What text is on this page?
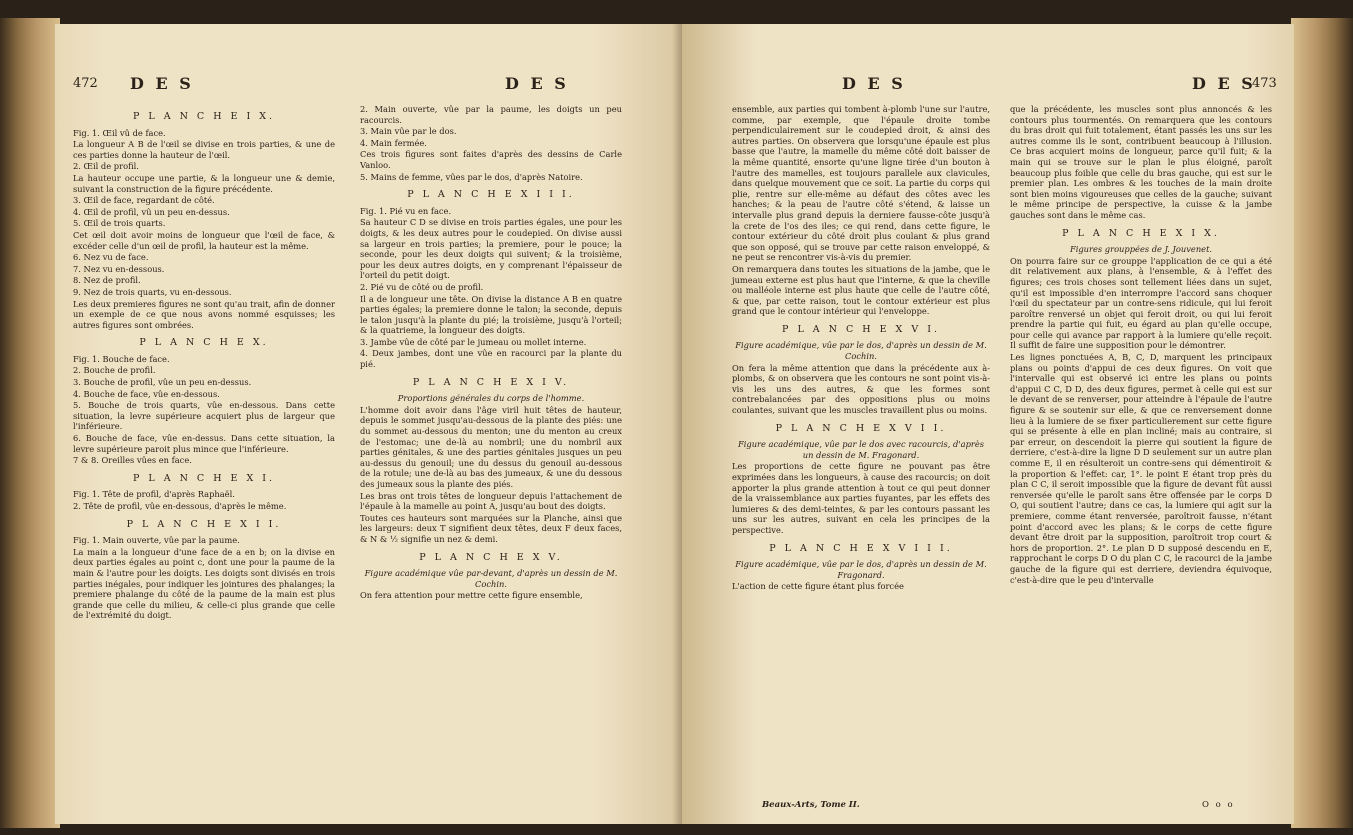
472 D E S	D E S
P L A N C H E I X.

Fig. 1. Œil vû de face.

La longueur A B de l'œil se divise en trois parties, & une de ces parties donne la hauteur de l'œil.

2. Œil de profil.

La hauteur occupe une partie, & la longueur une & demie, suivant la construction de la figure précédente.

3. Œil de face, regardant de côté.

4. Œil de profil, vû un peu en-dessus.

5. Œil de trois quarts.

Cet œil doit avoir moins de longueur que l'œil de face, & excéder celle d'un œil de profil, la hauteur est la même.

6. Nez vu de face.

7. Nez vu en-dessous.

8. Nez de profil.

9. Nez de trois quarts, vu en-dessous.

Les deux premieres figures ne sont qu'au trait, afin de donner un exemple de ce que nous avons nommé esquisses; les autres figures sont ombrées.

P L A N C H E X.

Fig. 1. Bouche de face.

2. Bouche de profil.

3. Bouche de profil, vûe un peu en-dessus.

4. Bouche de face, vûe en-dessous.

5. Bouche de trois quarts, vûe en-dessous. Dans cette situation, la levre supérieure acquiert plus de largeur que l'inférieure.

6. Bouche de face, vûe en-dessus. Dans cette situation, la levre supérieure paroit plus mince que l'inférieure.

7 & 8. Oreilles vûes en face.

P L A N C H E X I.

Fig. 1. Tête de profil, d'après Raphaël.

2. Tête de profil, vûe en-dessous, d'après le même.

P L A N C H E X I I.

Fig. 1. Main ouverte, vûe par la paume.

La main a la longueur d'une face de a en b; on la divise en deux parties égales au point c, dont une pour la paume de la main & l'autre pour les doigts. Les doigts sont divisés en trois parties inégales, pour indiquer les jointures des phalanges; la premiere phalange du côté de la paume de la main est plus grande que celle du milieu, & celle-ci plus grande que celle de l'extrémité du doigt.

2. Main ouverte, vûe par la paume, les doigts un peu racourcis.

3. Main vûe par le dos.

4. Main fermée.

Ces trois figures sont faites d'après des dessins de Carle Vanloo.

5. Mains de femme, vûes par le dos, d'après Natoire.

P L A N C H E X I I I.

Fig. 1. Pié vu en face.

Sa hauteur C D se divise en trois parties égales, une pour les doigts, & les deux autres pour le coudepied. On divise aussi sa largeur en trois parties; la premiere, pour le pouce; la seconde, pour les deux doigts qui suivent; & la troisième, pour les deux autres doigts, en y comprenant l'épaisseur de l'orteil du petit doigt.

2. Pié vu de côté ou de profil.

Il a de longueur une tête. On divise la distance A B en quatre parties égales; la premiere donne le talon; la seconde, depuis le talon jusqu'à la plante du pié; la troisième, jusqu'à l'orteil; & la quatrieme, la longueur des doigts.

3. Jambe vûe de côté par le jumeau ou mollet interne.

4. Deux jambes, dont une vûe en racourci par la plante du pié.

P L A N C H E X I V.

Proportions générales du corps de l'homme.

L'homme doit avoir dans l'âge viril huit têtes de hauteur, depuis le sommet jusqu'au-dessous de la plante des piés: une du sommet au-dessous du menton; une du menton au creux de l'estomac; une de-là au nombril; une du nombril aux parties génitales, & une des parties génitales jusques un peu au-dessus du genouil; une du dessus du genouil au-dessous de la rotule; une de-là au bas des jumeaux, & une du dessous des jumeaux sous la plante des piés.

Les bras ont trois têtes de longueur depuis l'attachement de l'épaule à la mamelle au point A, jusqu'au bout des doigts.

Toutes ces hauteurs sont marquées sur la Planche, ainsi que les largeurs: deux T signifient deux têtes, deux F deux faces, & N & ½ signifie un nez & demi.

P L A N C H E X V.

Figure académique vûe par-devant, d'après un dessin de M. Cochin.

On fera attention pour mettre cette figure ensemble,

D E S	D E S
473

ensemble, aux parties qui tombent à-plomb l'une sur l'autre, comme, par exemple, que l'épaule droite tombe perpendiculairement sur le coudepied droit, & ainsi des autres parties. On observera que lorsqu'une épaule est plus basse que l'autre, la mamelle du même côté doit baisser de la même quantité, ensorte qu'une ligne tirée d'un bouton à l'autre des mamelles, est toujours parallele aux clavicules, dans quelque mouvement que ce soit. La partie du corps qui plie, rentre sur elle-même au défaut des côtes avec les hanches; & la peau de l'autre côté s'étend, & laisse un intervalle plus grand depuis la derniere fausse-côte jusqu'à la crete de l'os des iles; ce qui rend, dans cette figure, le contour extérieur du côté droit plus coulant & plus grand que son opposé, qui se trouve par cette raison enveloppé, & ne peut se rencontrer vis-à-vis du premier.

On remarquera dans toutes les situations de la jambe, que le jumeau externe est plus haut que l'interne, & que la cheville ou malléole interne est plus haute que celle de l'autre côté, & que, par cette raison, tout le contour extérieur est plus grand que le contour intérieur qui l'enveloppe.

P L A N C H E X V I.

Figure académique, vûe par le dos, d'après un dessin de M. Cochin.

On fera la même attention que dans la précédente aux à-plombs, & on observera que les contours ne sont point vis-à-vis les uns des autres, & que les formes sont contrebalancées par des oppositions plus ou moins coulantes, suivant que les muscles travaillent plus ou moins.

P L A N C H E X V I I.

Figure académique, vûe par le dos avec racourcis, d'après un dessin de M. Fragonard.

Les proportions de cette figure ne pouvant pas être exprimées dans les longueurs, à cause des racourcis; on doit apporter la plus grande attention à tout ce qui peut donner de la vraissemblance aux parties fuyantes, par les effets des lumieres & des demi-teintes, & par les contours passant les uns sur les autres, suivant en cela les principes de la perspective.

P L A N C H E X V I I I.

Figure académique, vûe par le dos, d'après un dessin de M. Fragonard.

L'action de cette figure étant plus forcée

que la précédente, les muscles sont plus annoncés & les contours plus tourmentés. On remarquera que les contours du bras droit qui fuit totalement, étant passés les uns sur les autres comme ils le sont, contribuent beaucoup à l'illusion. Ce bras acquiert moins de longueur, parce qu'il fuit; & la main qui se trouve sur le plan le plus éloigné, paroît beaucoup plus foible que celle du bras gauche, qui est sur le premier plan. Les ombres & les touches de la main droite sont bien moins vigoureuses que celles de la gauche; suivant le même principe de perspective, la cuisse & la jambe gauches sont dans le même cas.

P L A N C H E X I X.

Figures grouppées de J. Jouvenet.

On pourra faire sur ce grouppe l'application de ce qui a été dit relativement aux plans, à l'ensemble, & à l'effet des figures; ces trois choses sont tellement liées dans un sujet, qu'il est impossible d'en interrompre l'accord sans choquer l'œil du spectateur par un contre-sens ridicule, qui lui feroit paroître renversé un objet qui feroit droit, ou qui lui feroit prendre la partie qui fuit, eu égard au plan qu'elle occupe, pour celle qui avance par rapport à la lumiere qu'elle reçoit. Il suffit de faire une supposition pour le démontrer.

Les lignes ponctuées A, B, C, D, marquent les principaux plans ou points d'appui de ces deux figures. On voit que l'intervalle qui est observé ici entre les plans ou points d'appui C C, D D, des deux figures, permet à celle qui est sur le devant de se renverser, pour atteindre à l'épaule de l'autre figure & se soutenir sur elle, & que ce renversement donne lieu à la lumiere de se fixer particulierement sur cette figure qui se présente à elle en plan incliné; mais au contraire, si par erreur, on descendoit la pierre qui soutient la figure de derriere, c'est-à-dire la ligne D D seulement sur un autre plan comme E, il en résulteroit un contre-sens qui démentiroit & la proportion & l'effet: car, 1°. le point E étant trop près du plan C C, il seroit impossible que la figure de devant fût aussi renversée qu'elle le paroît sans être offensée par le corps D O, qui soutient l'autre; dans ce cas, la lumiere qui agit sur la premiere, comme étant renversée, paroîtroit fausse, n'étant point d'accord avec les plans; & le corps de cette figure devant être droit par la supposition, paroîtroit trop court & hors de proportion. 2°. Le plan D D supposé descendu en E, rapprochant le corps D O du plan C C, le racourci de la jambe gauche de la figure qui est derriere, deviendra équivoque, c'est-à-dire que le peu d'intervalle

Beaux-Arts, Tome II.	O o o
